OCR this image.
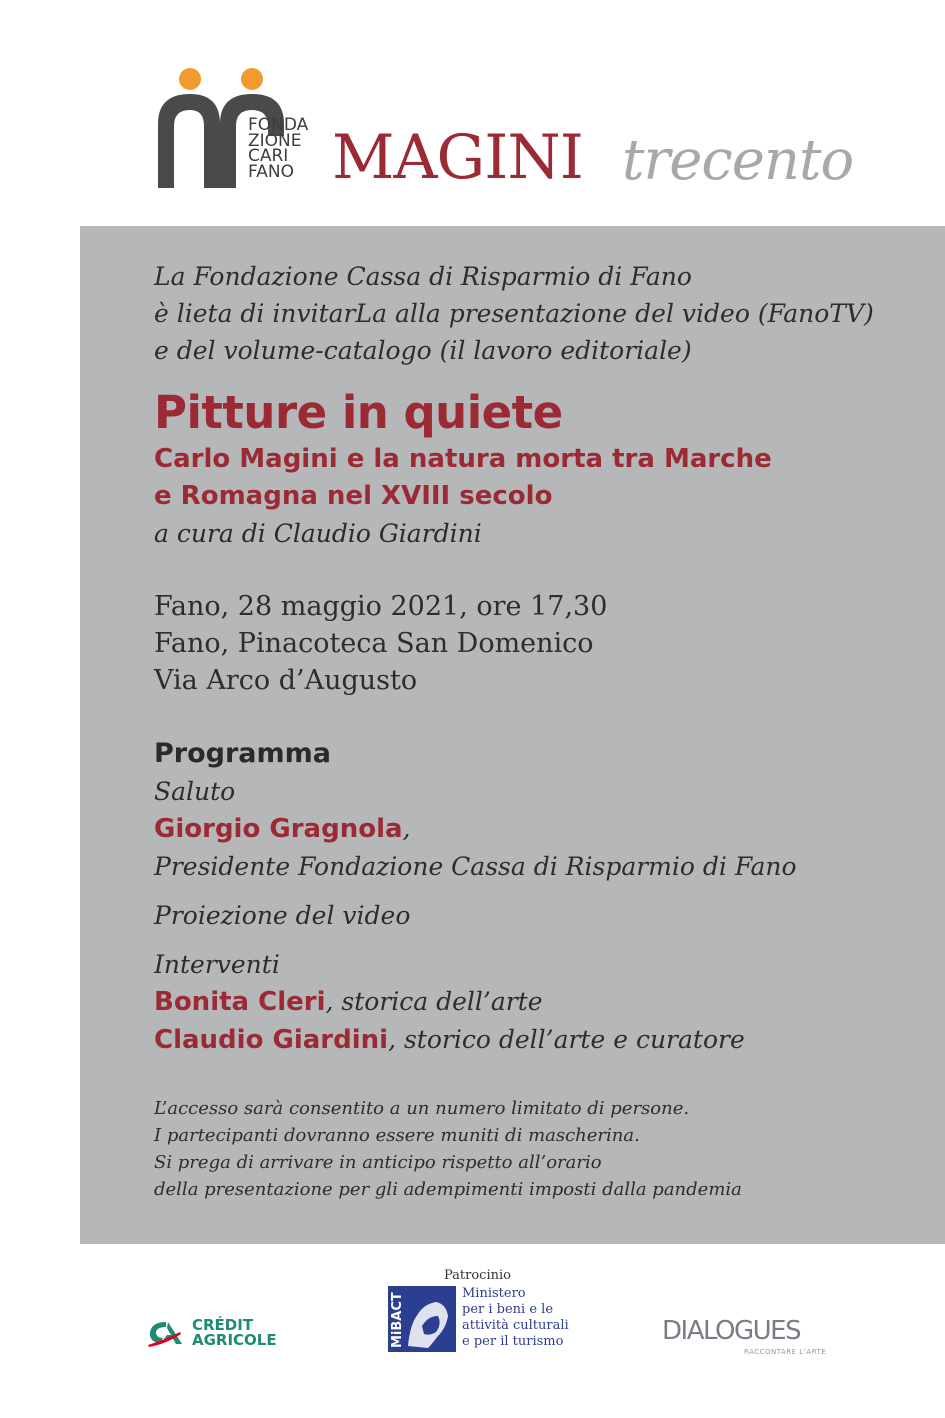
FONDA
ZIONE
CARI
FANO MAGINI trecento

La Fondazione Cassa di Risparmio di Fano

è lieta di invitarLa alla presentazione del video (FanoTV)

e del volume-catalogo (il lavoro editoriale)

Pitture in quiete
Carlo Magini e la natura morta tra Marche
e Romagna nel XVIII secolo
a cura di Claudio Giardini
Fano, 28 maggio 2021, ore 17,30
Fano, Pinacoteca San Domenico
Via Arco d’Augusto
Programma
Saluto
Giorgio Gragnola,
Presidente Fondazione Cassa di Risparmio di Fano
Proiezione del video
Interventi
Bonita Cleri, storica dell’arte
Claudio Giardini, storico dell’arte e curatore
L’accesso sarà consentito a un numero limitato di persone.
I partecipanti dovranno essere muniti di mascherina.
Si prega di arrivare in anticipo rispetto all’orario
della presentazione per gli adempimenti imposti dalla pandemia
CRÉDIT
AGRICOLE
Patrocinio
MiBACT	Ministero
per i beni e le
attività culturali
e per il turismo	DIALOGUES
RACCONTARE L’ARTE
